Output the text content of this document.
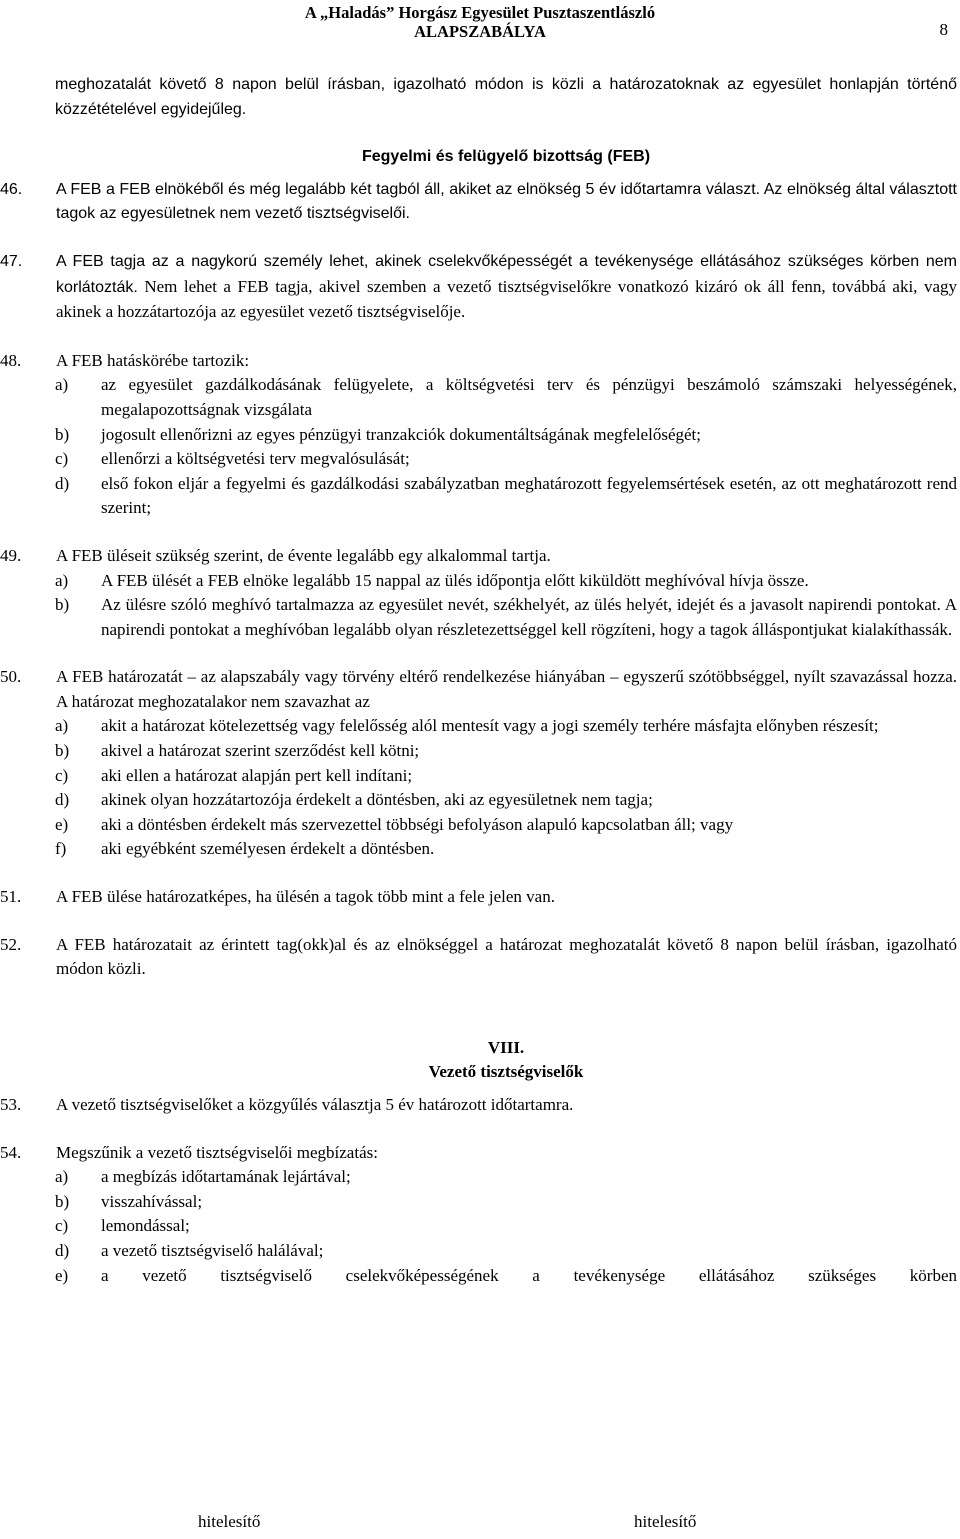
A „Haladás” Horgász Egyesület Pusztaszentlászló
ALAPSZABÁLYA	8

meghozatalát követő 8 napon belül írásban, igazolható módon is közli a határozatoknak az egyesület honlapján történő közzétételével egyidejűleg.

Fegyelmi és felügyelő bizottság (FEB)

46.	A FEB a FEB elnökéből és még legalább két tagból áll, akiket az elnökség 5 év időtartamra választ. Az elnökség által választott tagok az egyesületnek nem vezető tisztségviselői.
47.	A FEB tagja az a nagykorú személy lehet, akinek cselekvőképességét a tevékenysége ellátásához szükséges körben nem korlátozták. Nem lehet a FEB tagja, akivel szemben a vezető tisztségviselőkre vonatkozó kizáró ok áll fenn, továbbá aki, vagy akinek a hozzátartozója az egyesület vezető tisztségviselője.
48.	A FEB hatáskörébe tartozik:
a)	az egyesület gazdálkodásának felügyelete, a költségvetési terv és pénzügyi beszámoló számszaki helyességének, megalapozottságnak vizsgálata
b)	jogosult ellenőrizni az egyes pénzügyi tranzakciók dokumentáltságának megfelelőségét;
c)	ellenőrzi a költségvetési terv megvalósulását;
d)	első fokon eljár a fegyelmi és gazdálkodási szabályzatban meghatározott fegyelemsértések esetén, az ott meghatározott rend szerint;
49.	A FEB üléseit szükség szerint, de évente legalább egy alkalommal tartja.
a)	A FEB ülését a FEB elnöke legalább 15 nappal az ülés időpontja előtt kiküldött meghívóval hívja össze.
b)	Az ülésre szóló meghívó tartalmazza az egyesület nevét, székhelyét, az ülés helyét, idejét és a javasolt napirendi pontokat. A napirendi pontokat a meghívóban legalább olyan részletezettséggel kell rögzíteni, hogy a tagok álláspontjukat kialakíthassák.
50.	A FEB határozatát – az alapszabály vagy törvény eltérő rendelkezése hiányában – egyszerű szótöbbséggel, nyílt szavazással hozza. A határozat meghozatalakor nem szavazhat az
a)	akit a határozat kötelezettség vagy felelősség alól mentesít vagy a jogi személy terhére másfajta előnyben részesít;
b)	akivel a határozat szerint szerződést kell kötni;
c)	aki ellen a határozat alapján pert kell indítani;
d)	akinek olyan hozzátartozója érdekelt a döntésben, aki az egyesületnek nem tagja;
e)	aki a döntésben érdekelt más szervezettel többségi befolyáson alapuló kapcsolatban áll; vagy
f)	aki egyébként személyesen érdekelt a döntésben.
51.	A FEB ülése határozatképes, ha ülésén a tagok több mint a fele jelen van.
52.	A FEB határozatait az érintett tag(okk)al és az elnökséggel a határozat meghozatalát követő 8 napon belül írásban, igazolható módon közli.

VIII.

Vezető tisztségviselők

53.	A vezető tisztségviselőket a közgyűlés választja 5 év határozott időtartamra.
54.	Megszűnik a vezető tisztségviselői megbízatás:
a)	a megbízás időtartamának lejártával;
b)	visszahívással;
c)	lemondással;
d)	a vezető tisztségviselő halálával;
e)	a vezető tisztségviselő cselekvőképességének a tevékenysége ellátásához szükséges körben
hitelesítő	hitelesítő
